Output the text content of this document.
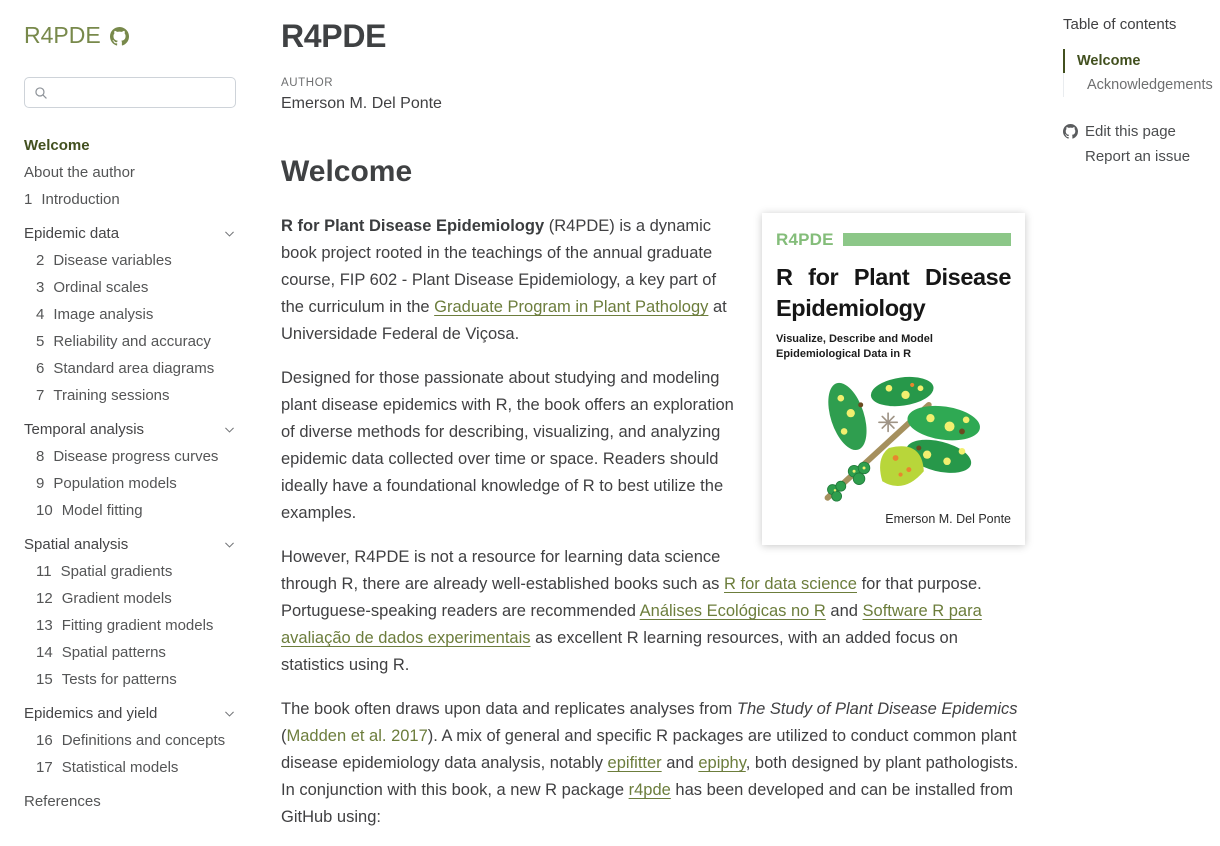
R4PDE
Welcome
About the author
1 Introduction
Epidemic data
2 Disease variables
3 Ordinal scales
4 Image analysis
5 Reliability and accuracy
6 Standard area diagrams
7 Training sessions
Temporal analysis
8 Disease progress curves
9 Population models
10 Model fitting
Spatial analysis
11 Spatial gradients
12 Gradient models
13 Fitting gradient models
14 Spatial patterns
15 Tests for patterns
Epidemics and yield
16 Definitions and concepts
17 Statistical models
References
R4PDE
AUTHOR
Emerson M. Del Ponte
Welcome
R4PDE
R for Plant Disease Epidemiology
Visualize, Describe and Model
Epidemiological Data in R
Emerson M. Del Ponte

R for Plant Disease Epidemiology (R4PDE) is a dynamic book project rooted in the teachings of the annual graduate course, FIP 602 - Plant Disease Epidemiology, a key part of the curriculum in the Graduate Program in Plant Pathology at Universidade Federal de Viçosa.

Designed for those passionate about studying and modeling plant disease epidemics with R, the book offers an exploration of diverse methods for describing, visualizing, and analyzing epidemic data collected over time or space. Readers should ideally have a foundational knowledge of R to best utilize the examples.

However, R4PDE is not a resource for learning data science through R, there are already well-established books such as R for data science for that purpose. Portuguese-speaking readers are recommended Análises Ecológicas no R and Software R para avaliação de dados experimentais as excellent R learning resources, with an added focus on statistics using R.

The book often draws upon data and replicates analyses from The Study of Plant Disease Epidemics (Madden et al. 2017). A mix of general and specific R packages are utilized to conduct common plant disease epidemiology data analysis, notably epifitter and epiphy, both designed by plant pathologists. In conjunction with this book, a new R package r4pde has been developed and can be installed from GitHub using:

Table of contents
Welcome
Acknowledgements
Edit this page
Report an issue
